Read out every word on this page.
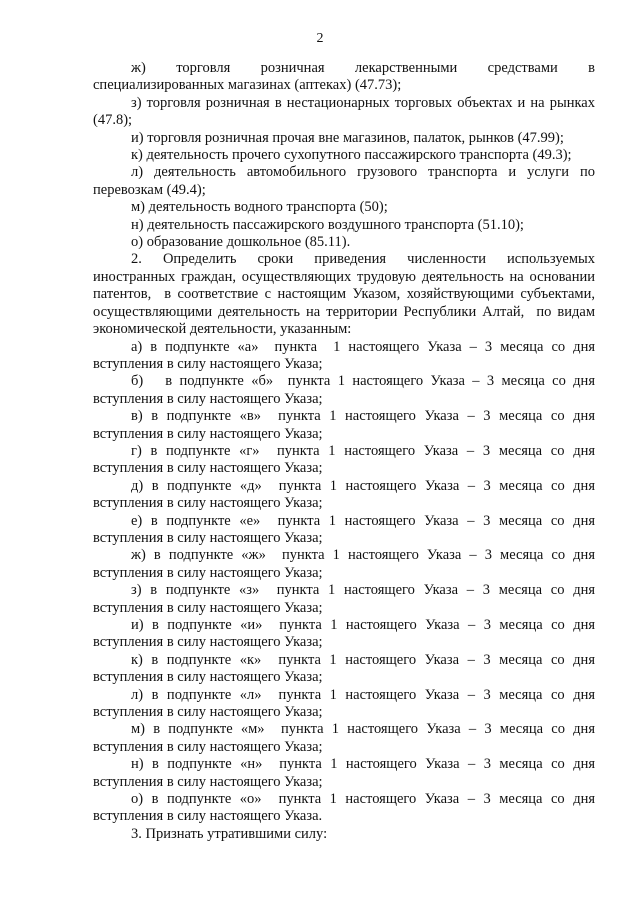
2

ж)      торговля      розничная      лекарственными      средствами      в специализированных магазинах (аптеках) (47.73);

з) торговля розничная в нестационарных торговых объектах и на рынках (47.8);

и) торговля розничная прочая вне магазинов, палаток, рынков (47.99);

к) деятельность прочего сухопутного пассажирского транспорта (49.3);

л) деятельность автомобильного грузового транспорта и услуги по перевозкам (49.4);

м) деятельность водного транспорта (50);

н) деятельность пассажирского воздушного транспорта (51.10);

о) образование дошкольное (85.11).

2.   Определить   сроки   приведения   численности   используемых иностранных граждан, осуществляющих трудовую деятельность на основании патентов,  в соответствие с настоящим Указом, хозяйствующими субъектами, осуществляющими деятельность на территории Республики Алтай,  по видам экономической деятельности, указанным:

а) в подпункте «а»  пункта  1 настоящего Указа – 3 месяца со дня вступления в силу настоящего Указа;

б)   в подпункте «б»  пункта 1 настоящего Указа – 3 месяца со дня вступления в силу настоящего Указа;

в) в подпункте «в»  пункта 1 настоящего Указа – 3 месяца со дня вступления в силу настоящего Указа;

г) в подпункте «г»  пункта 1 настоящего Указа – 3 месяца со дня вступления в силу настоящего Указа;

д) в подпункте «д»  пункта 1 настоящего Указа – 3 месяца со дня вступления в силу настоящего Указа;

е) в подпункте «е»  пункта 1 настоящего Указа – 3 месяца со дня вступления в силу настоящего Указа;

ж) в подпункте «ж»  пункта 1 настоящего Указа – 3 месяца со дня вступления в силу настоящего Указа;

з) в подпункте «з»  пункта 1 настоящего Указа – 3 месяца со дня вступления в силу настоящего Указа;

и) в подпункте «и»  пункта 1 настоящего Указа – 3 месяца со дня вступления в силу настоящего Указа;

к) в подпункте «к»  пункта 1 настоящего Указа – 3 месяца со дня вступления в силу настоящего Указа;

л) в подпункте «л»  пункта 1 настоящего Указа – 3 месяца со дня вступления в силу настоящего Указа;

м) в подпункте «м»  пункта 1 настоящего Указа – 3 месяца со дня вступления в силу настоящего Указа;

н) в подпункте «н»  пункта 1 настоящего Указа – 3 месяца со дня вступления в силу настоящего Указа;

о) в подпункте «о»  пункта 1 настоящего Указа – 3 месяца со дня вступления в силу настоящего Указа.

3. Признать утратившими силу:
